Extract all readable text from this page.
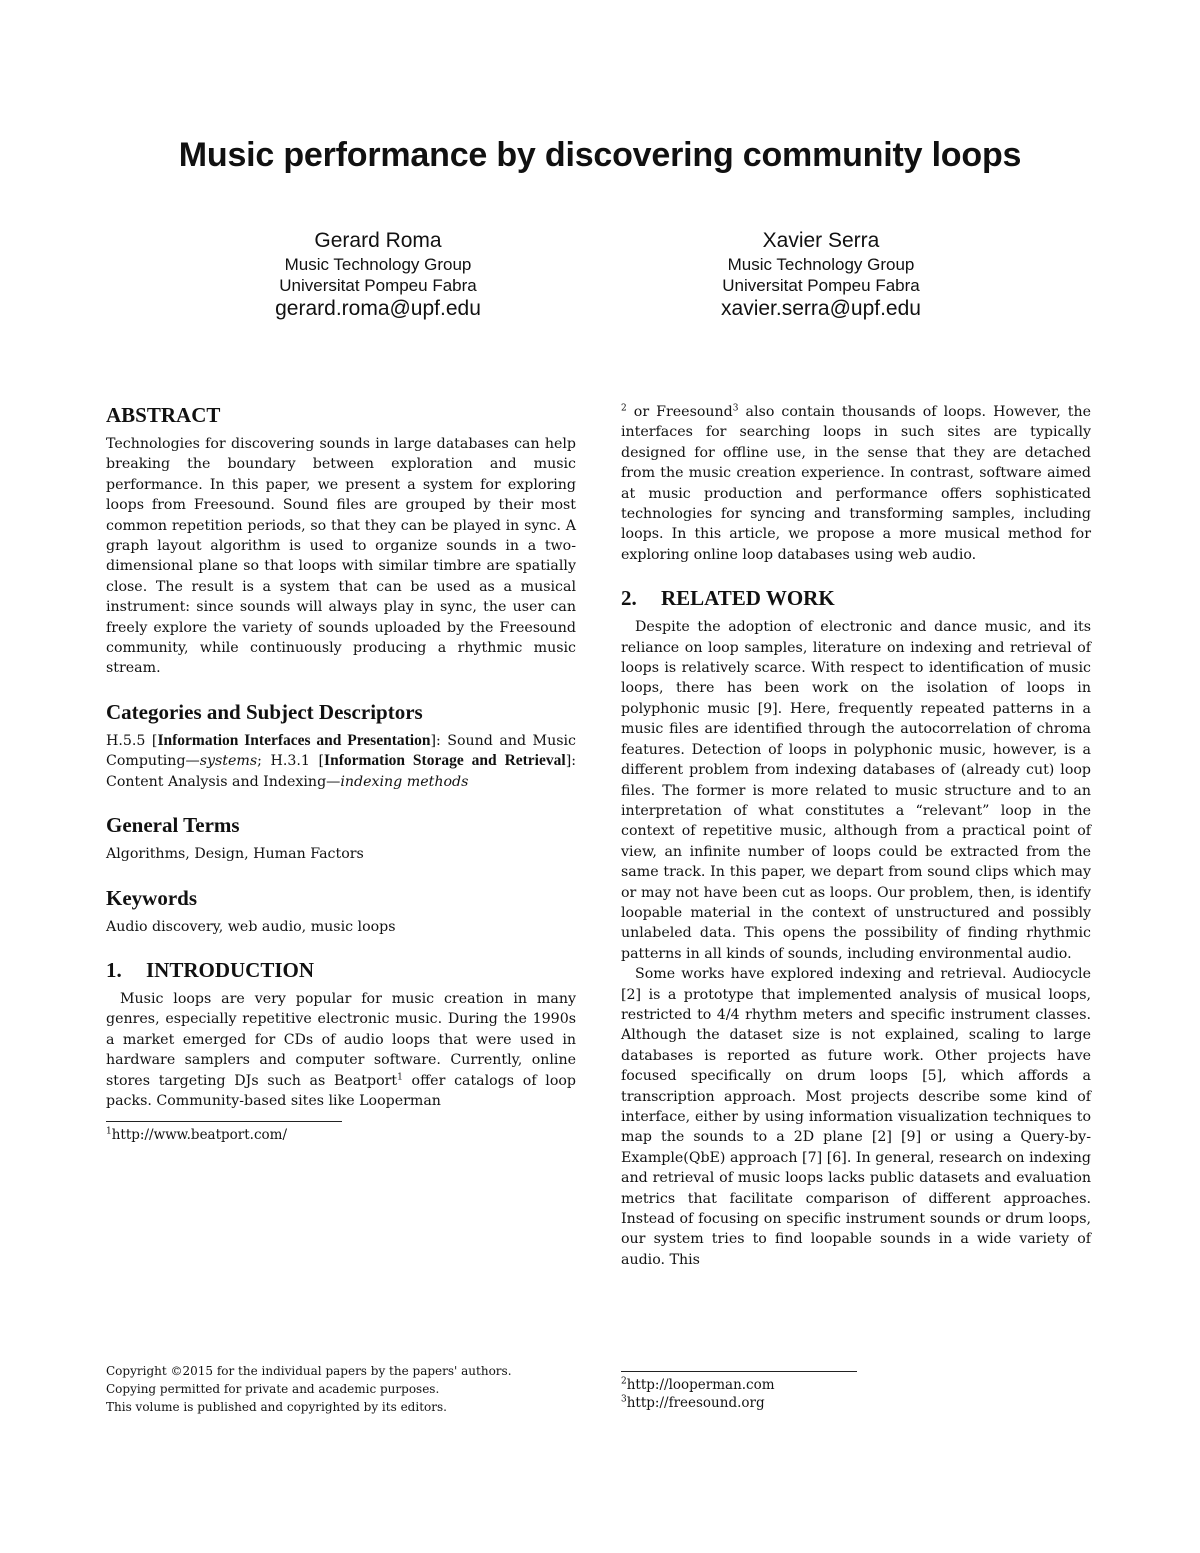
Music performance by discovering community loops
Gerard Roma
Music Technology Group
Universitat Pompeu Fabra
gerard.roma@upf.edu
Xavier Serra
Music Technology Group
Universitat Pompeu Fabra
xavier.serra@upf.edu
ABSTRACT

Technologies for discovering sounds in large databases can help breaking the boundary between exploration and music performance. In this paper, we present a system for exploring loops from Freesound. Sound files are grouped by their most common repetition periods, so that they can be played in sync. A graph layout algorithm is used to organize sounds in a two-dimensional plane so that loops with similar timbre are spatially close. The result is a system that can be used as a musical instrument: since sounds will always play in sync, the user can freely explore the variety of sounds uploaded by the Freesound community, while continuously producing a rhythmic music stream.

Categories and Subject Descriptors

H.5.5 [Information Interfaces and Presentation]: Sound and Music Computing—systems; H.3.1 [Information Storage and Retrieval]: Content Analysis and Indexing—indexing methods

General Terms

Algorithms, Design, Human Factors

Keywords

Audio discovery, web audio, music loops

1. INTRODUCTION

Music loops are very popular for music creation in many genres, especially repetitive electronic music. During the 1990s a market emerged for CDs of audio loops that were used in hardware samplers and computer software. Currently, online stores targeting DJs such as Beatport$^1$ offer catalogs of loop packs. Community-based sites like Looperman

$^1$http://www.beatport.com/

Copyright ©2015 for the individual papers by the papers' authors.

Copying permitted for private and academic purposes.

This volume is published and copyrighted by its editors.

$^2$ or Freesound$^3$ also contain thousands of loops. However, the interfaces for searching loops in such sites are typically designed for offline use, in the sense that they are detached from the music creation experience. In contrast, software aimed at music production and performance offers sophisticated technologies for syncing and transforming samples, including loops. In this article, we propose a more musical method for exploring online loop databases using web audio.

2. RELATED WORK

Despite the adoption of electronic and dance music, and its reliance on loop samples, literature on indexing and retrieval of loops is relatively scarce. With respect to identification of music loops, there has been work on the isolation of loops in polyphonic music [9]. Here, frequently repeated patterns in a music files are identified through the autocorrelation of chroma features. Detection of loops in polyphonic music, however, is a different problem from indexing databases of (already cut) loop files. The former is more related to music structure and to an interpretation of what constitutes a “relevant” loop in the context of repetitive music, although from a practical point of view, an infinite number of loops could be extracted from the same track. In this paper, we depart from sound clips which may or may not have been cut as loops. Our problem, then, is identify loopable material in the context of unstructured and possibly unlabeled data. This opens the possibility of finding rhythmic patterns in all kinds of sounds, including environmental audio.

Some works have explored indexing and retrieval. Audiocycle [2] is a prototype that implemented analysis of musical loops, restricted to 4/4 rhythm meters and specific instrument classes. Although the dataset size is not explained, scaling to large databases is reported as future work. Other projects have focused specifically on drum loops [5], which affords a transcription approach. Most projects describe some kind of interface, either by using information visualization techniques to map the sounds to a 2D plane [2] [9] or using a Query-by-Example(QbE) approach [7] [6]. In general, research on indexing and retrieval of music loops lacks public datasets and evaluation metrics that facilitate comparison of different approaches. Instead of focusing on specific instrument sounds or drum loops, our system tries to find loopable sounds in a wide variety of audio. This

$^2$http://looperman.com

$^3$http://freesound.org
